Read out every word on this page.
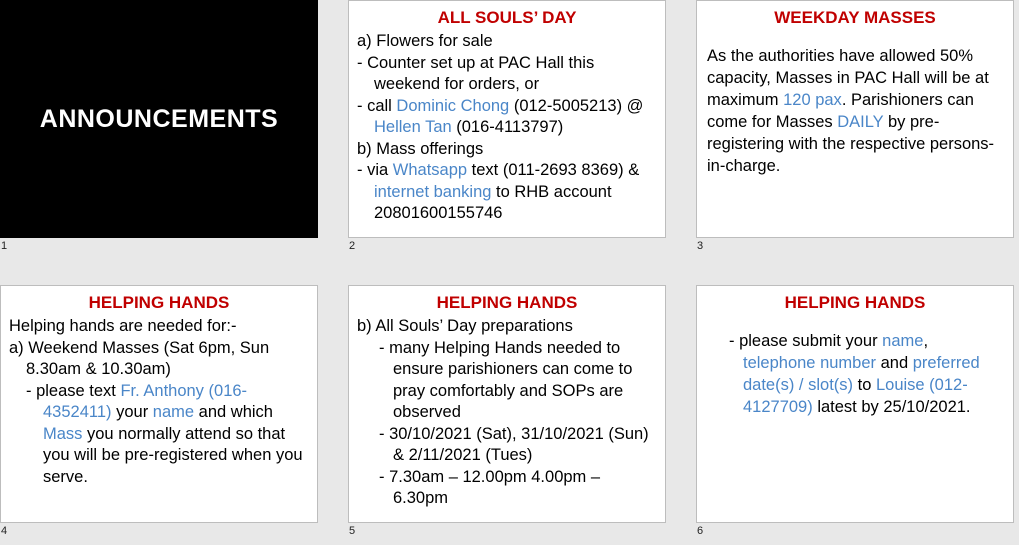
ANNOUNCEMENTS
1
ALL SOULS’ DAY

a) Flowers for sale

- Counter set up at PAC Hall this weekend for orders, or

- call Dominic Chong (012-5005213) @ Hellen Tan (016-4113797)

b) Mass offerings

- via Whatsapp text (011-2693 8369) & internet banking to RHB account 20801600155746

2
WEEKDAY MASSES

As the authorities have allowed 50% capacity, Masses in PAC Hall will be at maximum 120 pax. Parishioners can come for Masses DAILY by pre-registering with the respective persons-in-charge.

3
HELPING HANDS

Helping hands are needed for:-

a) Weekend Masses (Sat 6pm, Sun 8.30am & 10.30am)

- please text Fr. Anthony (016-4352411) your name and which Mass you normally attend so that you will be pre-registered when you serve.

4
HELPING HANDS

b) All Souls’ Day preparations

- many Helping Hands needed to ensure parishioners can come to pray comfortably and SOPs are observed

- 30/10/2021 (Sat), 31/10/2021 (Sun) & 2/11/2021 (Tues)

- 7.30am – 12.00pm 4.00pm – 6.30pm

5
HELPING HANDS

- please submit your name, telephone number and preferred date(s) / slot(s) to Louise (012-4127709) latest by 25/10/2021.

6
